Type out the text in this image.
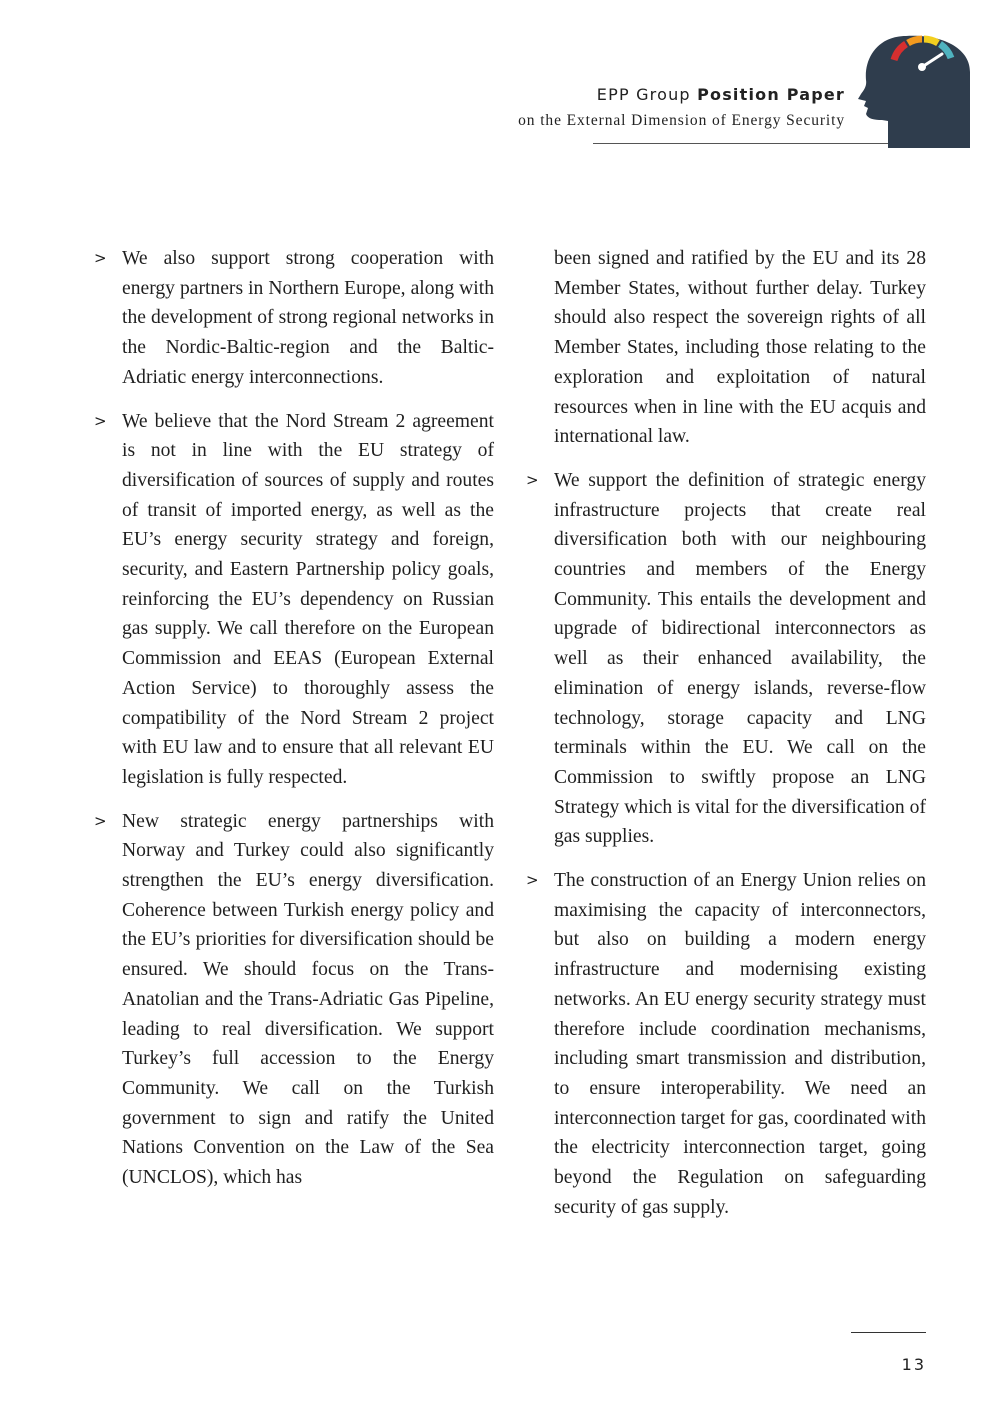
EPP Group Position Paper
on the External Dimension of Energy Security
> We also support strong cooperation with energy partners in Northern Europe, along with the development of strong regional networks in the Nordic-Baltic-region and the Baltic-Adriatic energy interconnections.
> We believe that the Nord Stream 2 agreement is not in line with the EU strategy of diversification of sources of supply and routes of transit of imported energy, as well as the EU’s energy security strategy and foreign, security, and Eastern Partnership policy goals, reinforcing the EU’s dependency on Russian gas supply. We call therefore on the European Commission and EEAS (European External Action Service) to thoroughly assess the compatibility of the Nord Stream 2 project with EU law and to ensure that all relevant EU legislation is fully respected.
> New strategic energy partnerships with Norway and Turkey could also significantly strengthen the EU’s energy diversification. Coherence between Turkish energy policy and the EU’s priorities for diversification should be ensured. We should focus on the Trans-Anatolian and the Trans-Adriatic Gas Pipeline, leading to real diversification. We support Turkey’s full accession to the Energy Community. We call on the Turkish government to sign and ratify the United Nations Convention on the Law of the Sea (UNCLOS), which has
been signed and ratified by the EU and its 28 Member States, without further delay. Turkey should also respect the sovereign rights of all Member States, including those relating to the exploration and exploitation of natural resources when in line with the EU acquis and international law.
> We support the definition of strategic energy infrastructure projects that create real diversification both with our neighbouring countries and members of the Energy Community. This entails the development and upgrade of bidirectional interconnectors as well as their enhanced availability, the elimination of energy islands, reverse-flow technology, storage capacity and LNG terminals within the EU. We call on the Commission to swiftly propose an LNG Strategy which is vital for the diversification of gas supplies.
> The construction of an Energy Union relies on maximising the capacity of interconnectors, but also on building a modern energy infrastructure and modernising existing networks. An EU energy security strategy must therefore include coordination mechanisms, including smart transmission and distribution, to ensure interoperability. We need an interconnection target for gas, coordinated with the electricity interconnection target, going beyond the Regulation on safeguarding security of gas supply.
13
